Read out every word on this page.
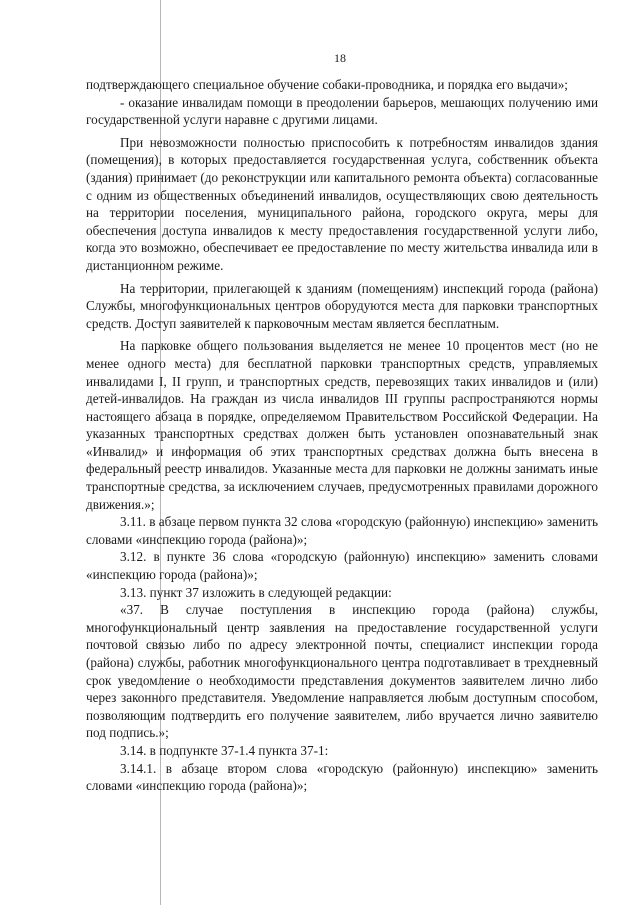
18

подтверждающего специальное обучение собаки-проводника, и порядка его выдачи»;

- оказание инвалидам помощи в преодолении барьеров, мешающих получению ими государственной услуги наравне с другими лицами.

При невозможности полностью приспособить к потребностям инвалидов здания (помещения), в которых предоставляется государственная услуга, собственник объекта (здания) принимает (до реконструкции или капитального ремонта объекта) согласованные с одним из общественных объединений инвалидов, осуществляющих свою деятельность на территории поселения, муниципального района, городского округа, меры для обеспечения доступа инвалидов к месту предоставления государственной услуги либо, когда это возможно, обеспечивает ее предоставление по месту жительства инвалида или в дистанционном режиме.

На территории, прилегающей к зданиям (помещениям) инспекций города (района) Службы, многофункциональных центров оборудуются места для парковки транспортных средств. Доступ заявителей к парковочным местам является бесплатным.

На парковке общего пользования выделяется не менее 10 процентов мест (но не менее одного места) для бесплатной парковки транспортных средств, управляемых инвалидами I, II групп, и транспортных средств, перевозящих таких инвалидов и (или) детей-инвалидов. На граждан из числа инвалидов III группы распространяются нормы настоящего абзаца в порядке, определяемом Правительством Российской Федерации. На указанных транспортных средствах должен быть установлен опознавательный знак «Инвалид» и информация об этих транспортных средствах должна быть внесена в федеральный реестр инвалидов. Указанные места для парковки не должны занимать иные транспортные средства, за исключением случаев, предусмотренных правилами дорожного движения.»;

3.11. в абзаце первом пункта 32 слова «городскую (районную) инспекцию» заменить словами «инспекцию города (района)»;

3.12. в пункте 36 слова «городскую (районную) инспекцию» заменить словами «инспекцию города (района)»;

3.13. пункт 37 изложить в следующей редакции:

«37. В случае поступления в инспекцию города (района) службы, многофункциональный центр заявления на предоставление государственной услуги почтовой связью либо по адресу электронной почты, специалист инспекции города (района) службы, работник многофункционального центра подготавливает в трехдневный срок уведомление о необходимости представления документов заявителем лично либо через законного представителя. Уведомление направляется любым доступным способом, позволяющим подтвердить его получение заявителем, либо вручается лично заявителю под подпись.»;

3.14. в подпункте 37-1.4 пункта 37-1:

3.14.1. в абзаце втором слова «городскую (районную) инспекцию» заменить словами «инспекцию города (района)»;
